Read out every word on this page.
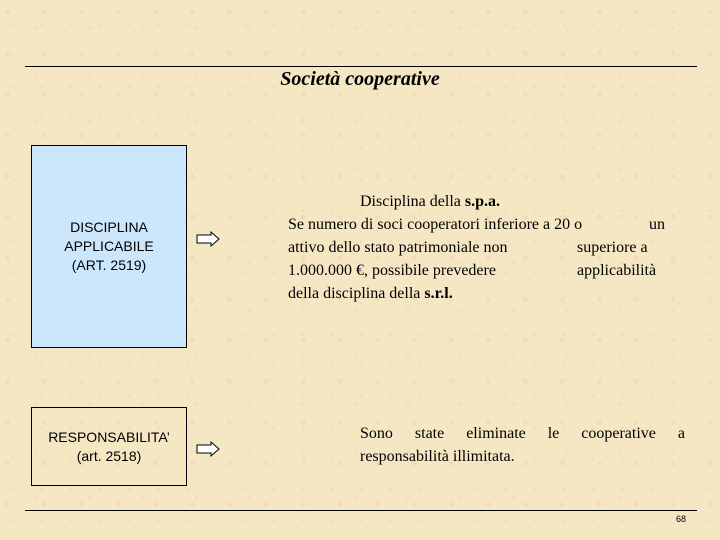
Società cooperative
DISCIPLINA
APPLICABILE
(ART. 2519)
Disciplina della s.p.a.
Se numero di soci cooperatori inferiore a 20 o	un
attivo dello stato patrimoniale non	superiore a
1.000.000 €, possibile prevedere	applicabilità
della disciplina della s.r.l.
RESPONSABILITA’
(art. 2518)
Sono state eliminate le cooperative a
responsabilità illimitata.
68
